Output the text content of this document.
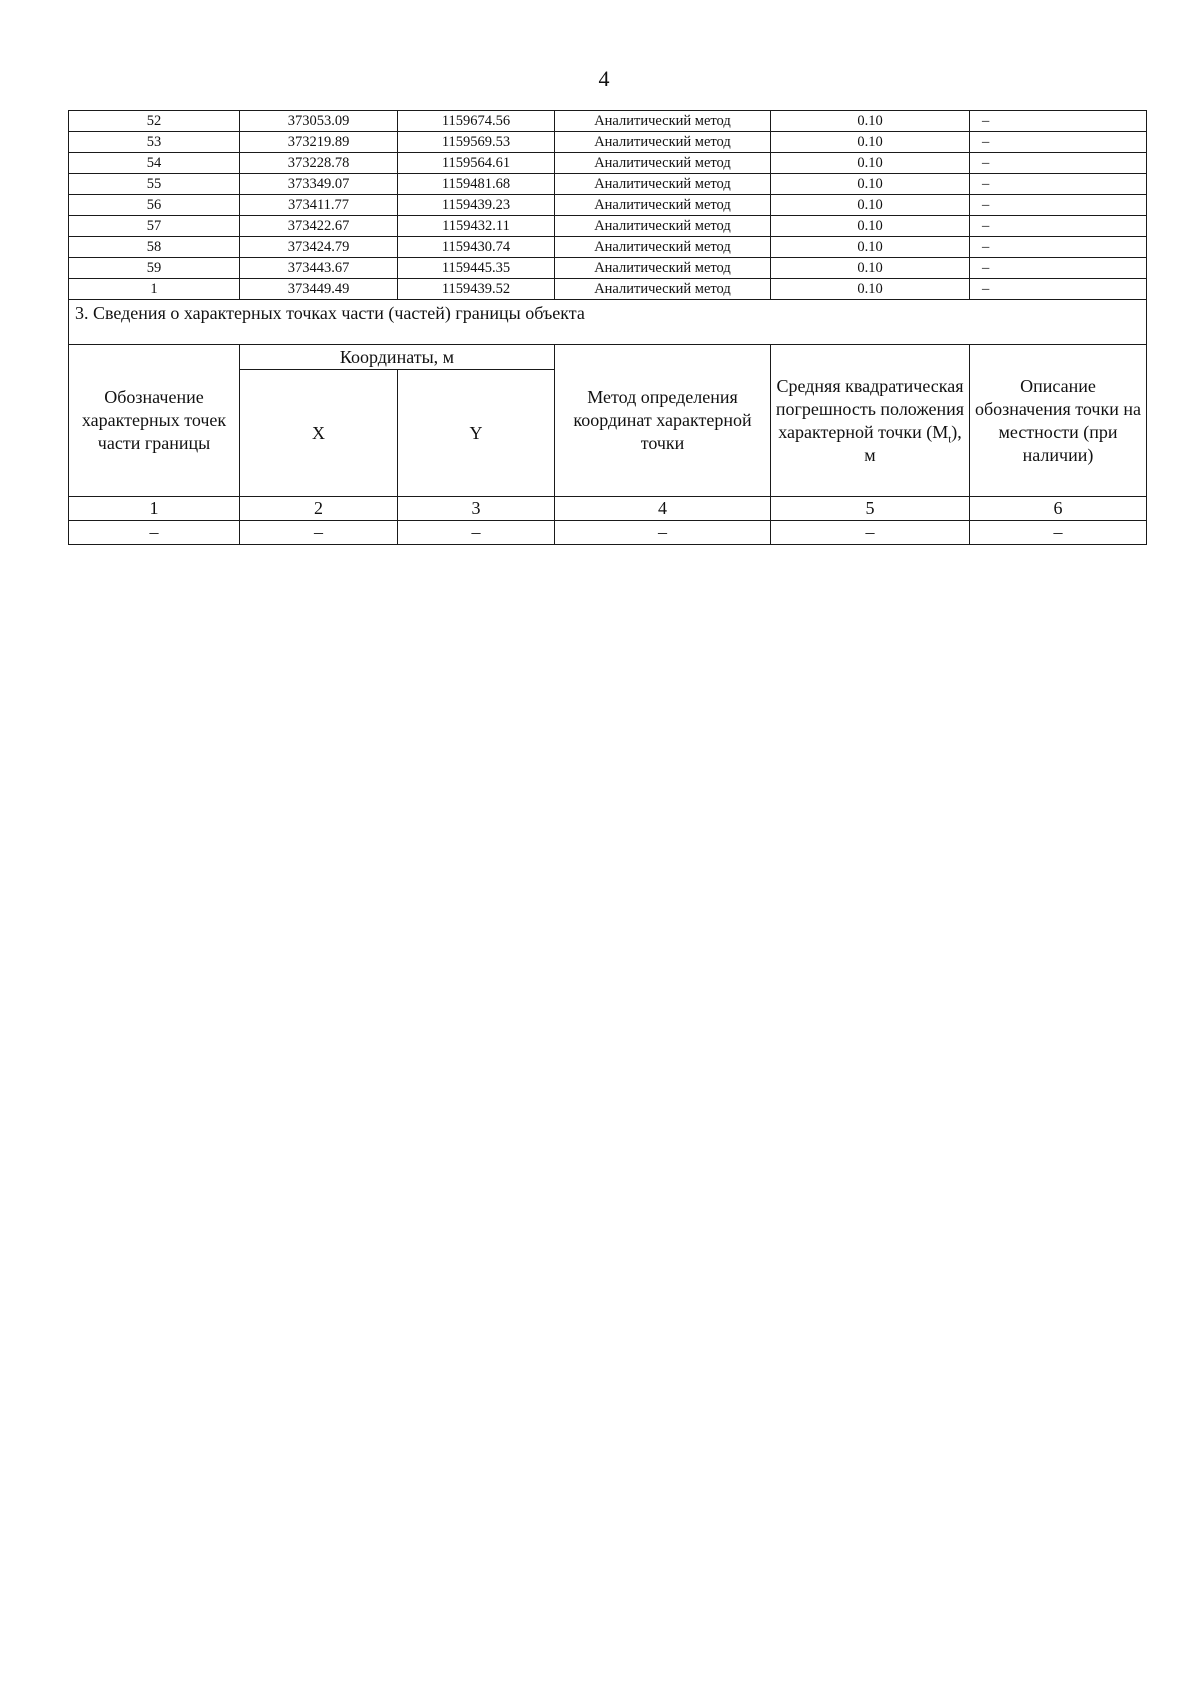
4
52	373053.09	1159674.56	Аналитический метод	0.10	–
53	373219.89	1159569.53	Аналитический метод	0.10	–
54	373228.78	1159564.61	Аналитический метод	0.10	–
55	373349.07	1159481.68	Аналитический метод	0.10	–
56	373411.77	1159439.23	Аналитический метод	0.10	–
57	373422.67	1159432.11	Аналитический метод	0.10	–
58	373424.79	1159430.74	Аналитический метод	0.10	–
59	373443.67	1159445.35	Аналитический метод	0.10	–
1	373449.49	1159439.52	Аналитический метод	0.10	–
3. Сведения о характерных точках части (частей) границы объекта					
Обозначение характерных точек части границы	Координаты, м		Метод определения координат характерной точки	Средняя квадратическая погрешность положения характерной точки $(M_t)$, м	Описание обозначения точки на местности (при наличии)
	X	Y			
1	2	3	4	5	6
–	–	–	–	–	–
